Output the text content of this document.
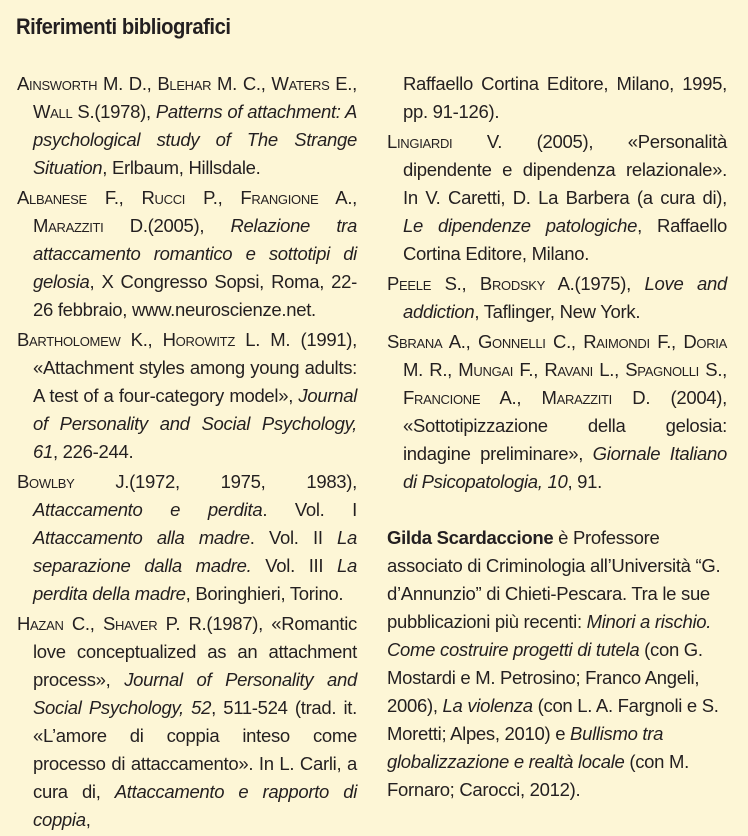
Riferimenti bibliografici

Ainsworth M. D., Blehar M. C., Waters E., Wall S.(1978), Patterns of attachment: A psychological study of The Strange Situation, Erlbaum, Hillsdale.

Albanese F., Rucci P., Frangione A., Marazziti D.(2005), Relazione tra attaccamento romantico e sottotipi di gelosia, X Congresso Sopsi, Roma, 22-26 febbraio, www.neuroscienze.net.

Bartholomew K., Horowitz L. M. (1991), «Attachment styles among young adults: A test of a four-category model», Journal of Personality and Social Psychology, 61, 226-244.

Bowlby J.(1972, 1975, 1983), Attaccamento e perdita. Vol. I Attaccamento alla madre. Vol. II La separazione dalla madre. Vol. III La perdita della madre, Boringhieri, Torino.

Hazan C., Shaver P. R.(1987), «Romantic love conceptualized as an attachment process», Journal of Personality and Social Psychology, 52, 511-524 (trad. it. «L’amore di coppia inteso come processo di attaccamento». In L. Carli, a cura di, Attaccamento e rapporto di coppia,

Raffaello Cortina Editore, Milano, 1995, pp. 91-126).

Lingiardi V. (2005), «Personalità dipendente e dipendenza relazionale». In V. Caretti, D. La Barbera (a cura di), Le dipendenze patologiche, Raffaello Cortina Editore, Milano.

Peele S., Brodsky A.(1975), Love and addiction, Taflinger, New York.

Sbrana A., Gonnelli C., Raimondi F., Doria M. R., Mungai F., Ravani L., Spagnolli S., Francione A., Marazziti D. (2004), «Sottotipizzazione della gelosia: indagine preliminare», Giornale Italiano di Psicopatologia, 10, 91.

Gilda Scardaccione è Professore associato di Criminologia all’Università “G. d’Annunzio” di Chieti-Pescara. Tra le sue pubblicazioni più recenti: Minori a rischio. Come costruire progetti di tutela (con G. Mostardi e M. Petrosino; Franco Angeli, 2006), La violenza (con L. A. Fargnoli e S. Moretti; Alpes, 2010) e Bullismo tra globalizzazione e realtà locale (con M. Fornaro; Carocci, 2012).
